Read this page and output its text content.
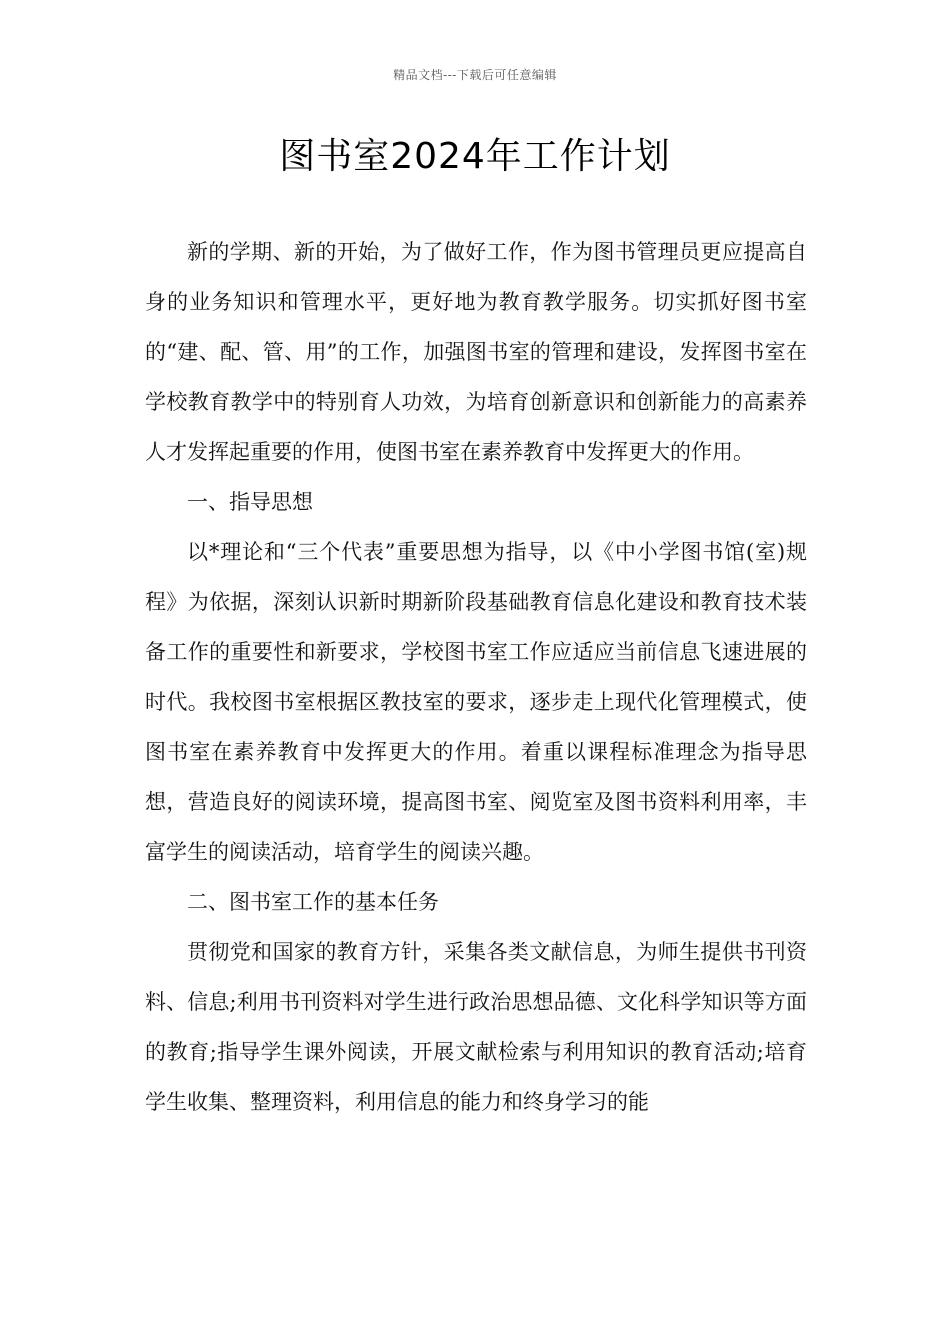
精品文档---下载后可任意编辑
图书室2024年工作计划

新的学期、新的开始，为了做好工作，作为图书管理员更应提高自身的业务知识和管理水平，更好地为教育教学服务。切实抓好图书室的“建、配、管、用”的工作，加强图书室的管理和建设，发挥图书室在学校教育教学中的特别育人功效，为培育创新意识和创新能力的高素养人才发挥起重要的作用，使图书室在素养教育中发挥更大的作用。

一、指导思想

以*理论和“三个代表”重要思想为指导，以《中小学图书馆(室)规程》为依据，深刻认识新时期新阶段基础教育信息化建设和教育技术装备工作的重要性和新要求，学校图书室工作应适应当前信息飞速进展的时代。我校图书室根据区教技室的要求，逐步走上现代化管理模式，使图书室在素养教育中发挥更大的作用。着重以课程标准理念为指导思想，营造良好的阅读环境，提高图书室、阅览室及图书资料利用率，丰富学生的阅读活动，培育学生的阅读兴趣。

二、图书室工作的基本任务

贯彻党和国家的教育方针，采集各类文献信息，为师生提供书刊资料、信息;利用书刊资料对学生进行政治思想品德、文化科学知识等方面的教育;指导学生课外阅读，开展文献检索与利用知识的教育活动;培育学生收集、整理资料，利用信息的能力和终身学习的能
